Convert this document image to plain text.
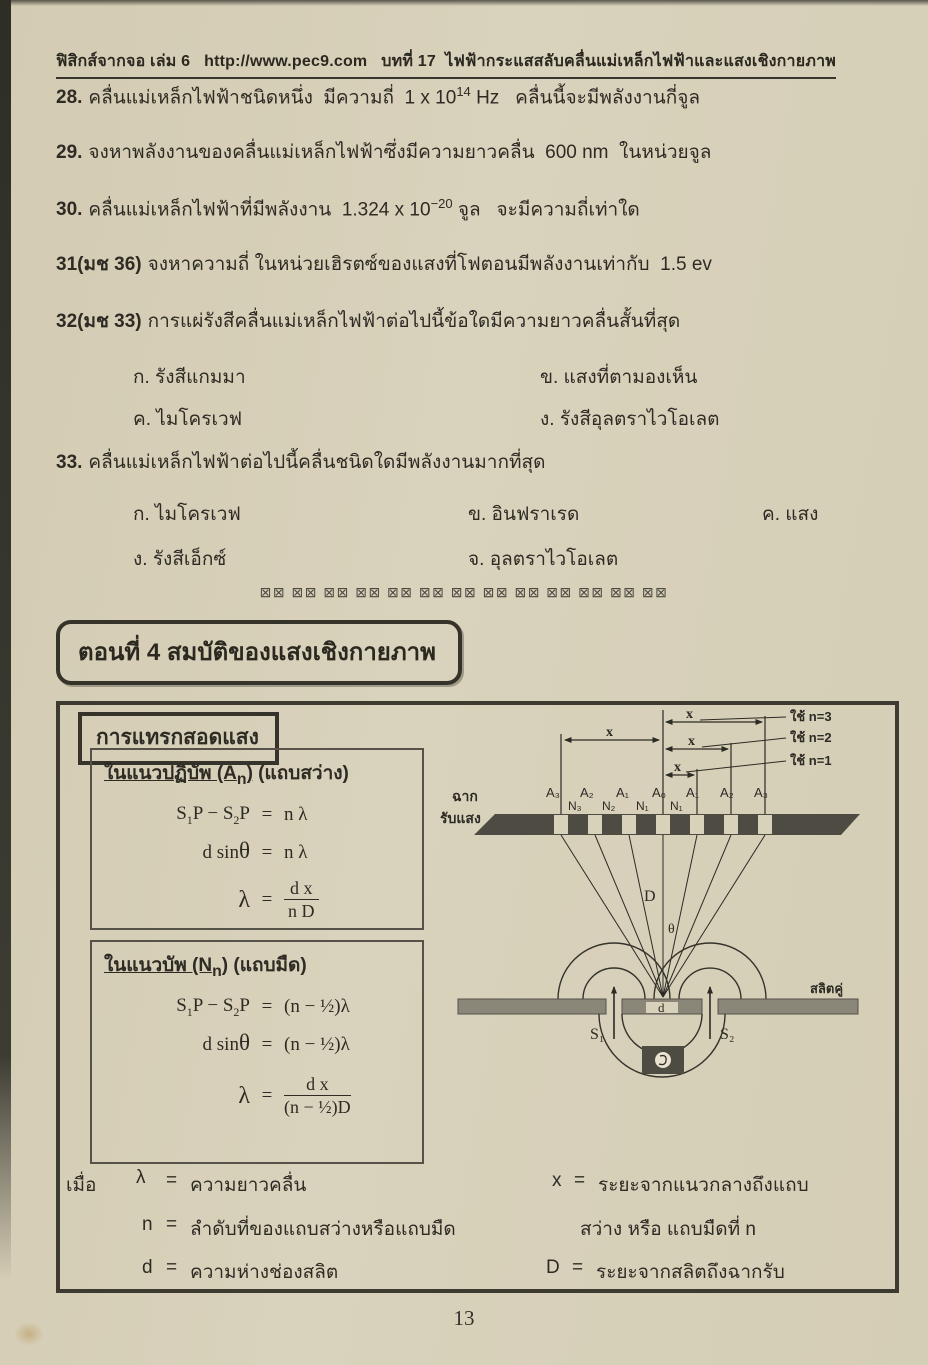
ฟิสิกส์จากจอ เล่ม 6   http://www.pec9.com   บทที่ 17  ไฟฟ้ากระแสสลับคลื่นแม่เหล็กไฟฟ้าและแสงเชิงกายภาพ
28. คลื่นแม่เหล็กไฟฟ้าชนิดหนึ่ง  มีความถี่  1 x $10^{14}$ Hz   คลื่นนี้จะมีพลังงานกี่จูล
29. จงหาพลังงานของคลื่นแม่เหล็กไฟฟ้าซึ่งมีความยาวคลื่น  600 nm  ในหน่วยจูล
30. คลื่นแม่เหล็กไฟฟ้าที่มีพลังงาน  1.324 x $10^{-20}$ จูล   จะมีความถี่เท่าใด
31(มช 36) จงหาความถี่ ในหน่วยเฮิรตซ์ของแสงที่โฟตอนมีพลังงานเท่ากับ  1.5 ev
32(มช 33) การแผ่รังสีคลื่นแม่เหล็กไฟฟ้าต่อไปนี้ข้อใดมีความยาวคลื่นสั้นที่สุด
ก. รังสีแกมมา	ข. แสงที่ตามองเห็น
ค. ไมโครเวฟ	ง. รังสีอุลตราไวโอเลต
33. คลื่นแม่เหล็กไฟฟ้าต่อไปนี้คลื่นชนิดใดมีพลังงานมากที่สุด
ก. ไมโครเวฟ	ข. อินฟราเรด	ค. แสง
ง. รังสีเอ็กซ์	จ. อุลตราไวโอเลต
⊠⊠ ⊠⊠ ⊠⊠ ⊠⊠ ⊠⊠ ⊠⊠ ⊠⊠ ⊠⊠ ⊠⊠ ⊠⊠ ⊠⊠ ⊠⊠ ⊠⊠
ตอนที่ 4 สมบัติของแสงเชิงกายภาพ
การแทรกสอดแสง
ในแนวปฏิบัพ $(A_n)$ (แถบสว่าง)
$S_1P - S_2P = n$ λ
d sinθ = n λ
$\lambda = \frac{\text{d x}}{\text{n D}}$
ในแนวบัพ $(N_n)$ (แถบมืด)
$S_1P - S_2P = (n$ − ½)λ
d sinθ = (n − ½)λ
$\lambda = \frac{\text{d x}}{\text{(n − ½)D}}$
เมื่อ λ = ความยาวคลื่น	x = ระยะจากแนวกลางถึงแถบ
n = ลำดับที่ของแถบสว่างหรือแถบมืด	สว่าง หรือ แถบมืดที่ n
d = ความห่างช่องสลิต	D = ระยะจากสลิตถึงฉากรับ
x
x
x
x
ใช้ n=3
ใช้ n=2
ใช้ n=1
A₃ A₂ A₁ A₀ A₁ A₂ A₃
N₃ N₂ N₁ N₁
ฉาก
รับแสง
D
θ
d
สลิตคู่
S₁	S₂
13
